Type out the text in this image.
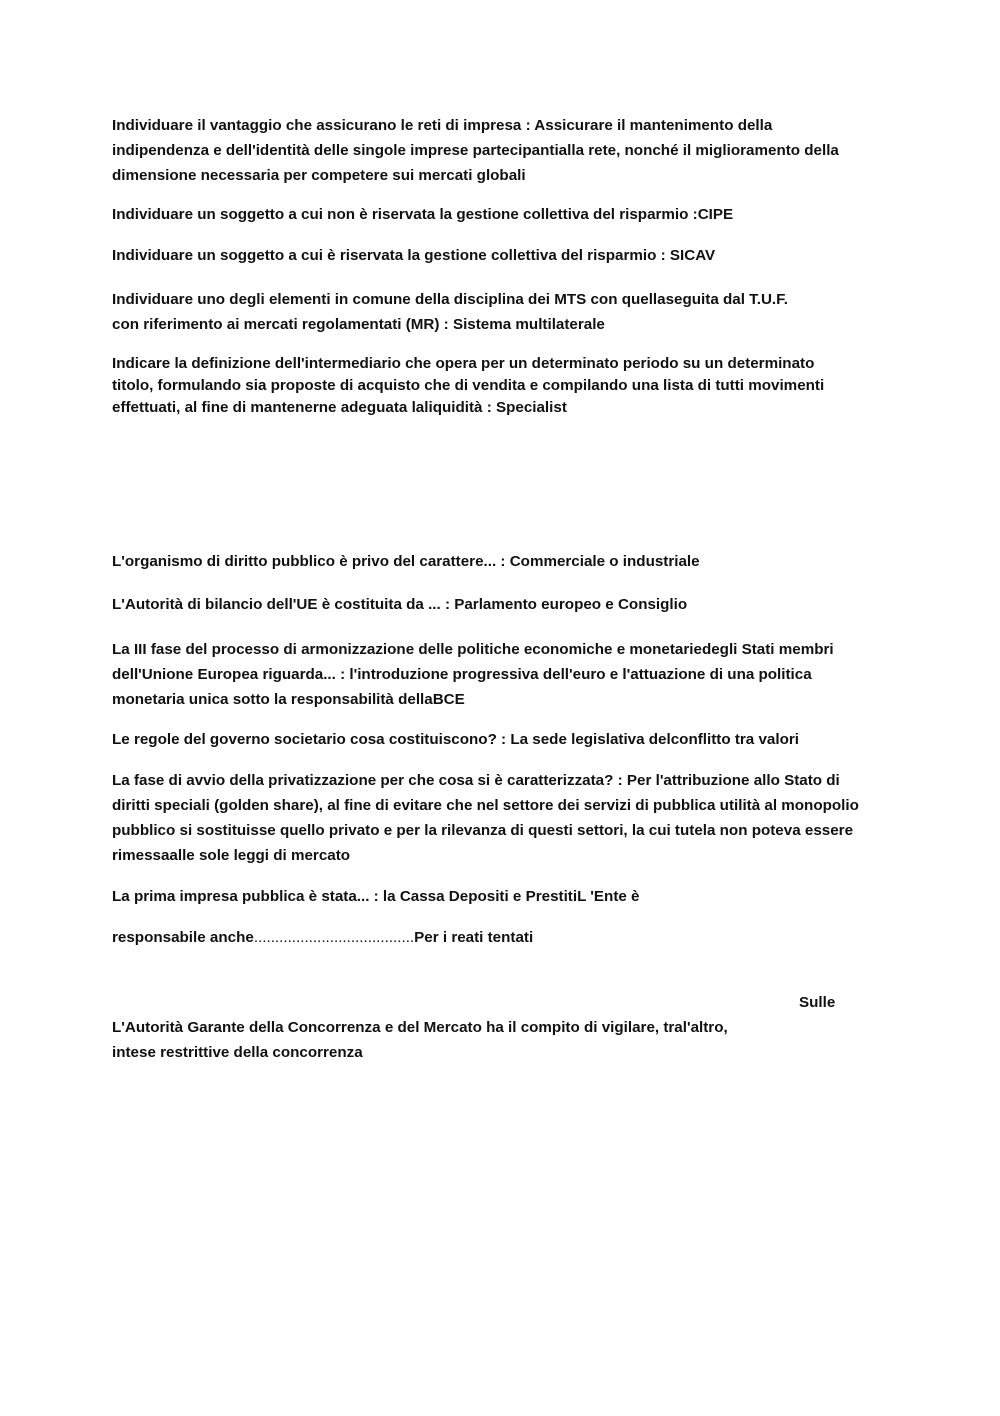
Individuare il vantaggio che assicurano le reti di impresa : Assicurare il mantenimento della
indipendenza e dell'identità delle singole imprese partecipantialla rete, nonché il miglioramento della
dimensione necessaria per competere sui mercati globali

Individuare un soggetto a cui non è riservata la gestione collettiva del risparmio :CIPE

Individuare un soggetto a cui è riservata la gestione collettiva del risparmio : SICAV

Individuare uno degli elementi in comune della disciplina dei MTS con quellaseguita dal T.U.F.
con riferimento ai mercati regolamentati (MR) : Sistema multilaterale

Indicare la definizione dell'intermediario che opera per un determinato periodo su un determinato
titolo, formulando sia proposte di acquisto che di vendita e compilando una lista di tutti movimenti
effettuati, al fine di mantenerne adeguata laliquidità : Specialist

L'organismo di diritto pubblico è privo del carattere... : Commerciale o industriale

L'Autorità di bilancio dell'UE è costituita da ... : Parlamento europeo e Consiglio

La III fase del processo di armonizzazione delle politiche economiche e monetariedegli Stati membri
dell'Unione Europea riguarda... : l'introduzione progressiva dell'euro e l'attuazione di una politica
monetaria unica sotto la responsabilità dellaBCE

Le regole del governo societario cosa costituiscono? : La sede legislativa delconflitto tra valori

La fase di avvio della privatizzazione per che cosa si è caratterizzata? : Per l'attribuzione allo Stato di
diritti speciali (golden share), al fine di evitare che nel settore dei servizi di pubblica utilità al monopolio
pubblico si sostituisse quello privato e per la rilevanza di questi settori, la cui tutela non poteva essere
rimessaalle sole leggi di mercato

La prima impresa pubblica è stata... : la Cassa Depositi e PrestitiL 'Ente è

responsabile anche......................................Per i reati tentati

L'Autorità Garante della Concorrenza e del Mercato ha il compito di vigilare, tral'altro,

Sulle

intese restrittive della concorrenza
